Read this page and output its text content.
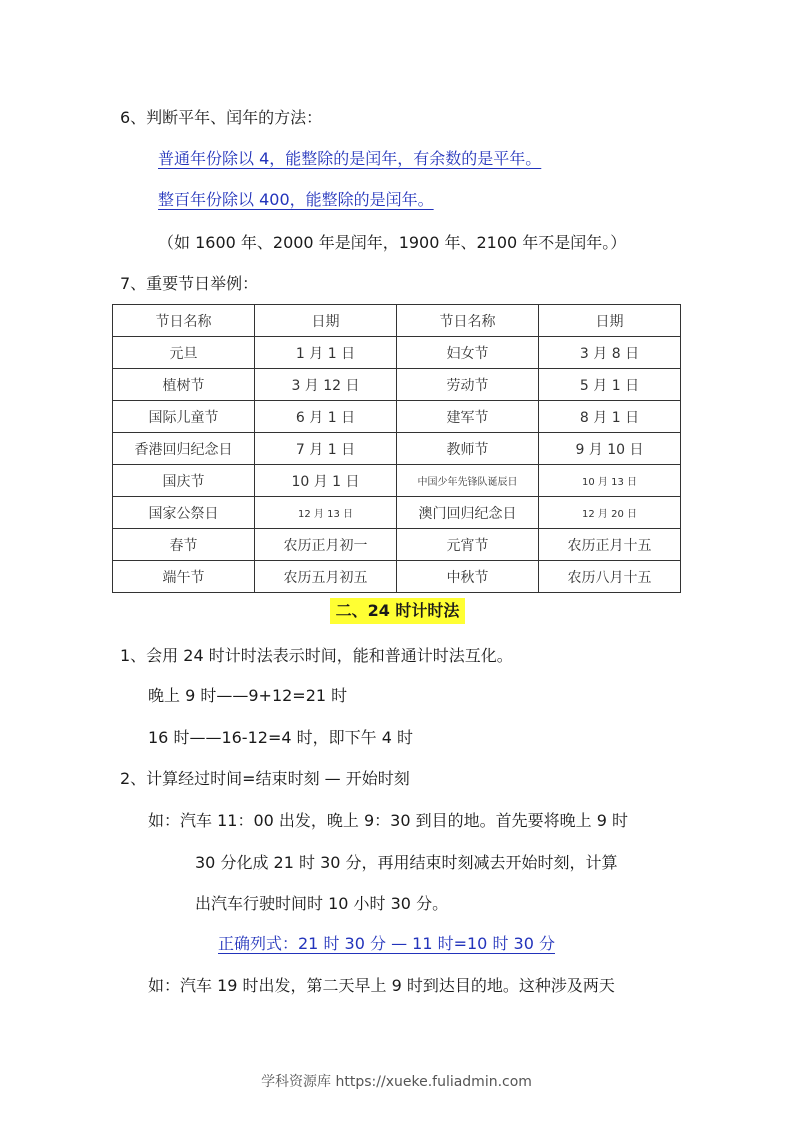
6、判断平年、闰年的方法：
普通年份除以 4，能整除的是闰年，有余数的是平年。
整百年份除以 400，能整除的是闰年。
（如 1600 年、2000 年是闰年，1900 年、2100 年不是闰年。）
7、重要节日举例：
节日名称	日期	节日名称	日期
元旦	1 月 1 日	妇女节	3 月 8 日
植树节	3 月 12 日	劳动节	5 月 1 日
国际儿童节	6 月 1 日	建军节	8 月 1 日
香港回归纪念日	7 月 1 日	教师节	9 月 10 日
国庆节	10 月 1 日	中国少年先锋队诞辰日	10 月 13 日
国家公祭日	12 月 13 日	澳门回归纪念日	12 月 20 日
春节	农历正月初一	元宵节	农历正月十五
端午节	农历五月初五	中秋节	农历八月十五
二、24 时计时法
1、会用 24 时计时法表示时间，能和普通计时法互化。
晚上 9 时——9+12=21 时
16 时——16-12=4 时，即下午 4 时
2、计算经过时间=结束时刻 — 开始时刻
如：汽车 11：00 出发，晚上 9：30 到目的地。首先要将晚上 9 时
30 分化成 21 时 30 分，再用结束时刻减去开始时刻，计算
出汽车行驶时间时 10 小时 30 分。
正确列式：21 时 30 分 — 11 时=10 时 30 分
如：汽车 19 时出发，第二天早上 9 时到达目的地。这种涉及两天
学科资源库 https://xueke.fuliadmin.com
